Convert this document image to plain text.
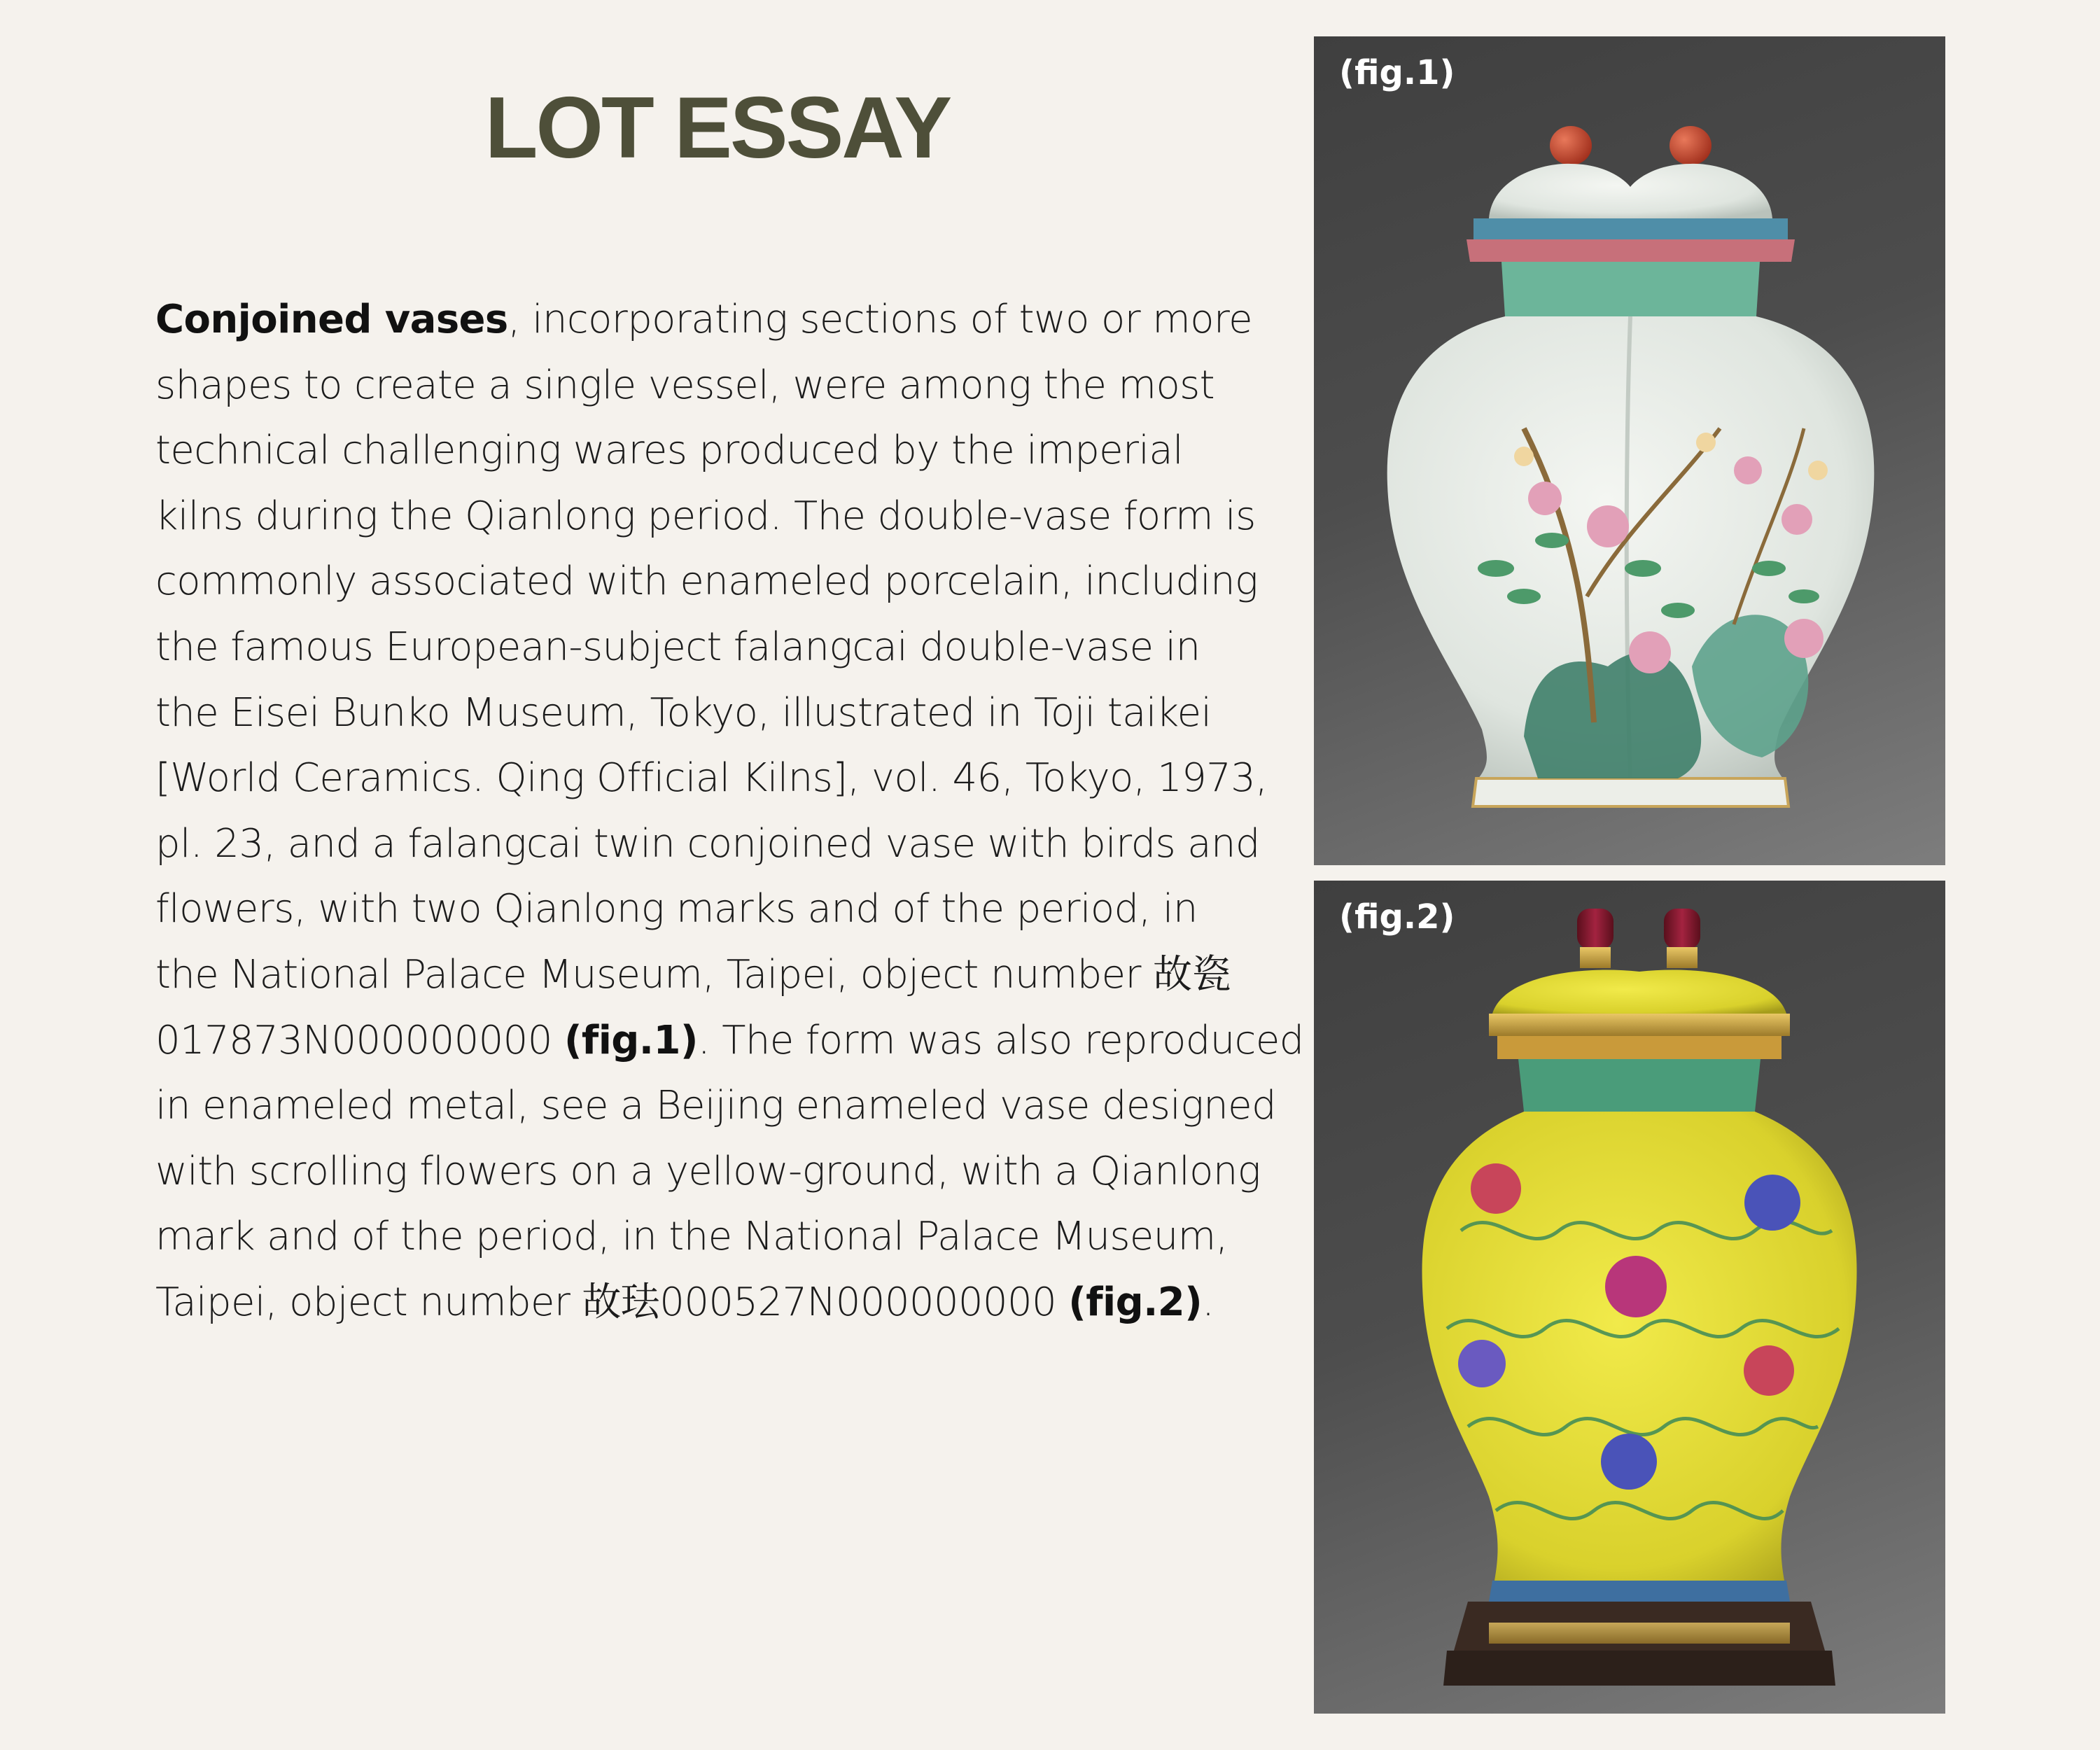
LOT ESSAY
Conjoined vases, incorporating sections of two or more
shapes to create a single vessel, were among the most
technical challenging wares produced by the imperial
kilns during the Qianlong period. The double-vase form is
commonly associated with enameled porcelain, including
the famous European-subject falangcai double-vase in
the Eisei Bunko Museum, Tokyo, illustrated in Toji taikei
[World Ceramics. Qing Official Kilns], vol. 46, Tokyo, 1973,
pl. 23, and a falangcai twin conjoined vase with birds and
flowers, with two Qianlong marks and of the period, in
the National Palace Museum, Taipei, object number 故瓷
017873N000000000 (fig.1). The form was also reproduced
in enameled metal, see a Beijing enameled vase designed
with scrolling flowers on a yellow-ground, with a Qianlong
mark and of the period, in the National Palace Museum,
Taipei, object number 故珐000527N000000000 (fig.2).
(fig.1)
(fig.2)
